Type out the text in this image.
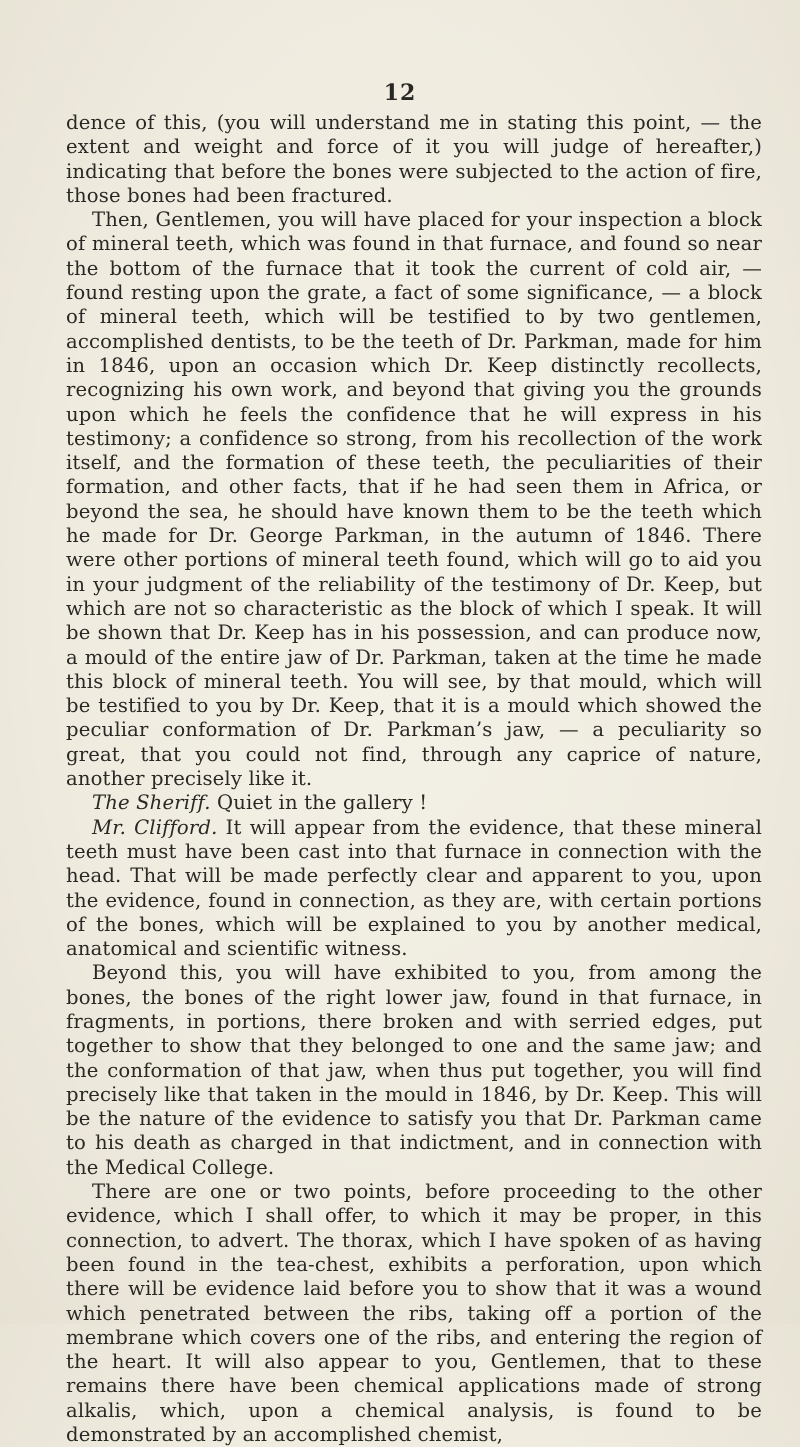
12

dence of this, (you will understand me in stating this point, — the extent and weight and force of it you will judge of hereafter,) indicating that before the bones were subjected to the action of fire, those bones had been fractured.

Then, Gentlemen, you will have placed for your inspection a block of mineral teeth, which was found in that furnace, and found so near the bottom of the furnace that it took the current of cold air, — found resting upon the grate, a fact of some significance, — a block of mineral teeth, which will be testified to by two gentlemen, accomplished dentists, to be the teeth of Dr. Parkman, made for him in 1846, upon an occasion which Dr. Keep distinctly recollects, recognizing his own work, and beyond that giving you the grounds upon which he feels the confidence that he will express in his testimony; a confidence so strong, from his recollection of the work itself, and the formation of these teeth, the peculiarities of their formation, and other facts, that if he had seen them in Africa, or beyond the sea, he should have known them to be the teeth which he made for Dr. George Parkman, in the autumn of 1846. There were other portions of mineral teeth found, which will go to aid you in your judgment of the reliability of the testimony of Dr. Keep, but which are not so characteristic as the block of which I speak. It will be shown that Dr. Keep has in his possession, and can produce now, a mould of the entire jaw of Dr. Parkman, taken at the time he made this block of mineral teeth. You will see, by that mould, which will be testified to you by Dr. Keep, that it is a mould which showed the peculiar conformation of Dr. Parkman’s jaw, — a peculiarity so great, that you could not find, through any caprice of nature, another precisely like it.

The Sheriff. Quiet in the gallery !

Mr. Clifford. It will appear from the evidence, that these mineral teeth must have been cast into that furnace in connection with the head. That will be made perfectly clear and apparent to you, upon the evidence, found in connection, as they are, with certain portions of the bones, which will be explained to you by another medical, anatomical and scientific witness.

Beyond this, you will have exhibited to you, from among the bones, the bones of the right lower jaw, found in that furnace, in fragments, in portions, there broken and with serried edges, put together to show that they belonged to one and the same jaw; and the conformation of that jaw, when thus put together, you will find precisely like that taken in the mould in 1846, by Dr. Keep. This will be the nature of the evidence to satisfy you that Dr. Parkman came to his death as charged in that indictment, and in connection with the Medical College.

There are one or two points, before proceeding to the other evidence, which I shall offer, to which it may be proper, in this connection, to advert. The thorax, which I have spoken of as having been found in the tea-chest, exhibits a perforation, upon which there will be evidence laid before you to show that it was a wound which penetrated between the ribs, taking off a portion of the membrane which covers one of the ribs, and entering the region of the heart. It will also appear to you, Gentlemen, that to these remains there have been chemical applications made of strong alkalis, which, upon a chemical analysis, is found to be demonstrated by an accomplished chemist,
